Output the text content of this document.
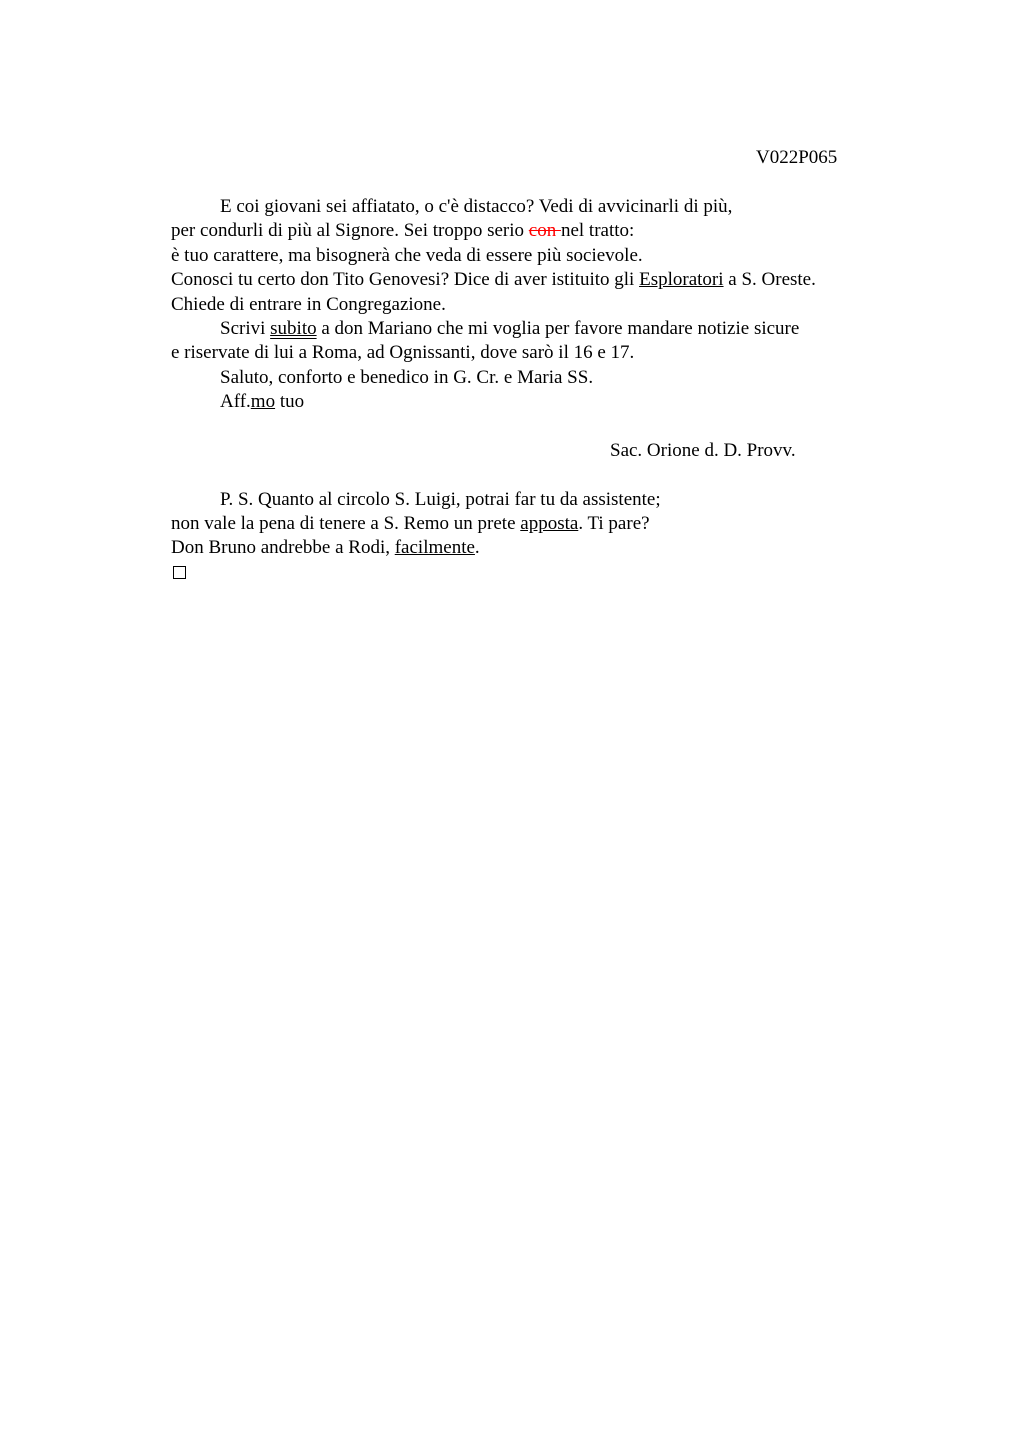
V022P065
E coi giovani sei affiatato, o c'è distacco? Vedi di avvicinarli di più,
per condurli di più al Signore. Sei troppo serio con nel tratto:
è tuo carattere, ma bisognerà che veda di essere più socievole.
Conosci tu certo don Tito Genovesi? Dice di aver istituito gli Esploratori a S. Oreste.
Chiede di entrare in Congregazione.
Scrivi subito a don Mariano che mi voglia per favore mandare notizie sicure
e riservate di lui a Roma, ad Ognissanti, dove sarò il 16 e 17.
Saluto, conforto e benedico in G. Cr. e Maria SS.
Aff.mo tuo
Sac. Orione d. D. Provv.
P. S. Quanto al circolo S. Luigi, potrai far tu da assistente;
non vale la pena di tenere a S. Remo un prete apposta. Ti pare?
Don Bruno andrebbe a Rodi, facilmente.
